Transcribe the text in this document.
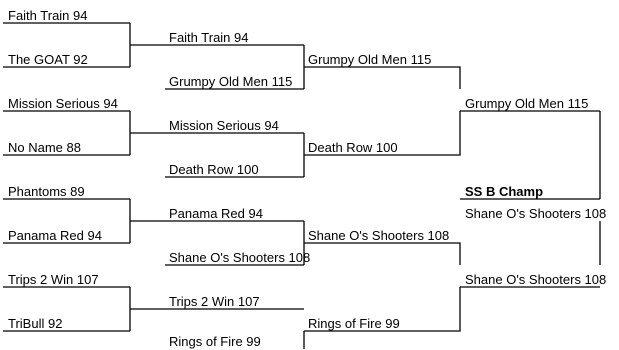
Faith Train 94
The GOAT 92
Mission Serious 94
No Name 88
Phantoms 89
Panama Red 94
Trips 2 Win 107
TriBull 92
Faith Train 94
Grumpy Old Men 115
Mission Serious 94
Death Row 100
Panama Red 94
Shane O's Shooters 108
Trips 2 Win 107
Rings of Fire 99
Grumpy Old Men 115
Death Row 100
Shane O's Shooters 108
Rings of Fire 99
Grumpy Old Men 115
Shane O's Shooters 108
SS B Champ
Shane O's Shooters 108
